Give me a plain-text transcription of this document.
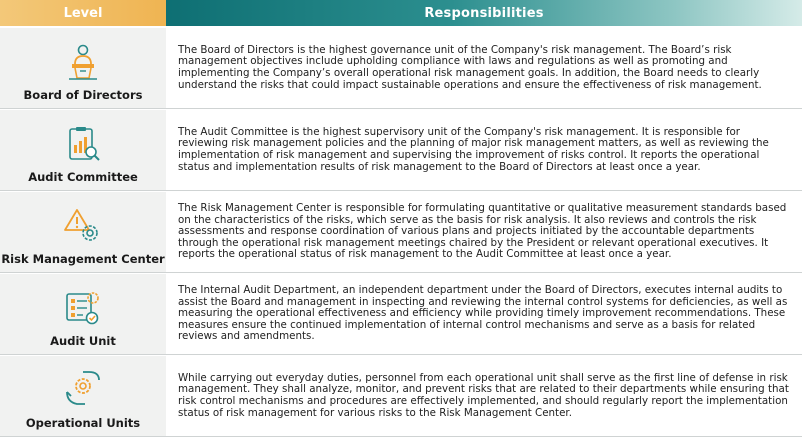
Level	Responsibilities
Board of Directors
The Board of Directors is the highest governance unit of the Company's risk management. The Board’s risk management objectives include upholding compliance with laws and regulations as well as promoting and implementing the Company’s overall operational risk management goals. In addition, the Board needs to clearly understand the risks that could impact sustainable operations and ensure the effectiveness of risk management.
Audit Committee
The Audit Committee is the highest supervisory unit of the Company's risk management. It is responsible for reviewing risk management policies and the planning of major risk management matters, as well as reviewing the implementation of risk management and supervising the improvement of risks control. It reports the operational status and implementation results of risk management to the Board of Directors at least once a year.
Risk Management Center
The Risk Management Center is responsible for formulating quantitative or qualitative measurement standards based on the characteristics of the risks, which serve as the basis for risk analysis. It also reviews and controls the risk assessments and response coordination of various plans and projects initiated by the accountable departments through the operational risk management meetings chaired by the President or relevant operational executives. It reports the operational status of risk management to the Audit Committee at least once a year.
Audit Unit
The Internal Audit Department, an independent department under the Board of Directors, executes internal audits to assist the Board and management in inspecting and reviewing the internal control systems for deficiencies, as well as measuring the operational effectiveness and efficiency while providing timely improvement recommendations. These measures ensure the continued implementation of internal control mechanisms and serve as a basis for related reviews and amendments.
Operational Units
While carrying out everyday duties, personnel from each operational unit shall serve as the first line of defense in risk management. They shall analyze, monitor, and prevent risks that are related to their departments while ensuring that risk control mechanisms and procedures are effectively implemented, and should regularly report the implementation status of risk management for various risks to the Risk Management Center.
